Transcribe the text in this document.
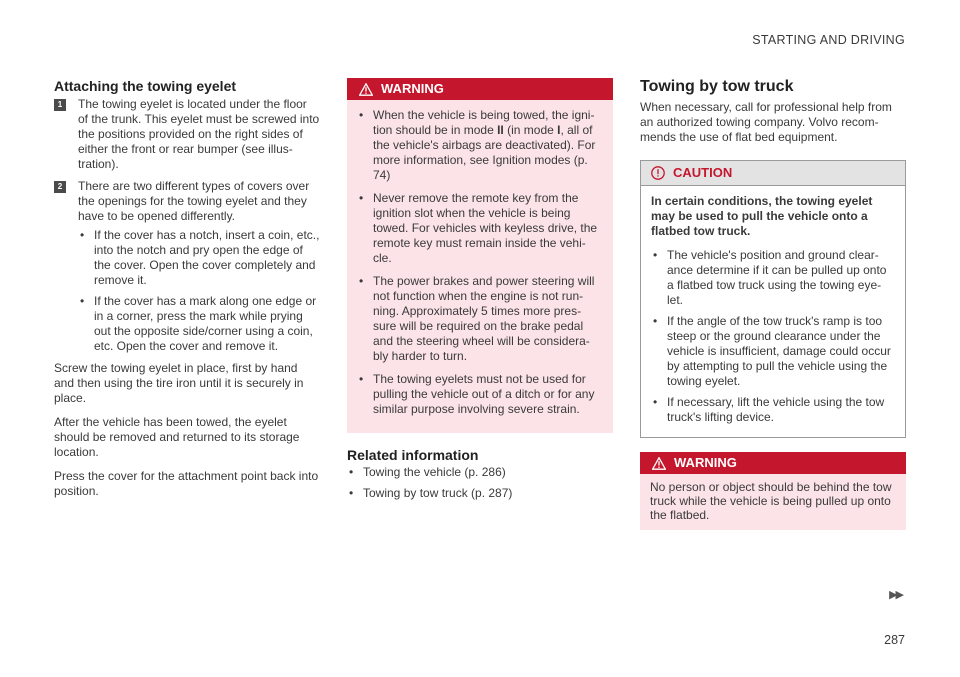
STARTING AND DRIVING
Attaching the towing eyelet
1	The towing eyelet is located under the floor of the trunk. This eyelet must be screwed into the positions provided on the right sides of either the front or rear bumper (see illus-tration).
2	There are two different types of covers over the openings for the towing eyelet and they have to be opened differently.
• If the cover has a notch, insert a coin, etc., into the notch and pry open the edge of the cover. Open the cover completely and remove it.
• If the cover has a mark along one edge or in a corner, press the mark while prying out the opposite side/corner using a coin, etc. Open the cover and remove it.

Screw the towing eyelet in place, first by hand and then using the tire iron until it is securely in place.

After the vehicle has been towed, the eyelet should be removed and returned to its storage location.

Press the cover for the attachment point back into position.

WARNING
• When the vehicle is being towed, the igni-tion should be in mode II (in mode I, all of the vehicle's airbags are deactivated). For more information, see Ignition modes (p. 74)
• Never remove the remote key from the ignition slot when the vehicle is being towed. For vehicles with keyless drive, the remote key must remain inside the vehi-cle.
• The power brakes and power steering will not function when the engine is not run-ning. Approximately 5 times more pres-sure will be required on the brake pedal and the steering wheel will be considera-bly harder to turn.
• The towing eyelets must not be used for pulling the vehicle out of a ditch or for any similar purpose involving severe strain.
Related information
• Towing the vehicle (p. 286)
• Towing by tow truck (p. 287)
Towing by tow truck

When necessary, call for professional help from an authorized towing company. Volvo recom-mends the use of flat bed equipment.

CAUTION
In certain conditions, the towing eyelet may be used to pull the vehicle onto a flatbed tow truck.
• The vehicle's position and ground clear-ance determine if it can be pulled up onto a flatbed tow truck using the towing eye-let.
• If the angle of the tow truck's ramp is too steep or the ground clearance under the vehicle is insufficient, damage could occur by attempting to pull the vehicle using the towing eyelet.
• If necessary, lift the vehicle using the tow truck's lifting device.
WARNING
No person or object should be behind the tow truck while the vehicle is being pulled up onto the flatbed.
▶▶
287
